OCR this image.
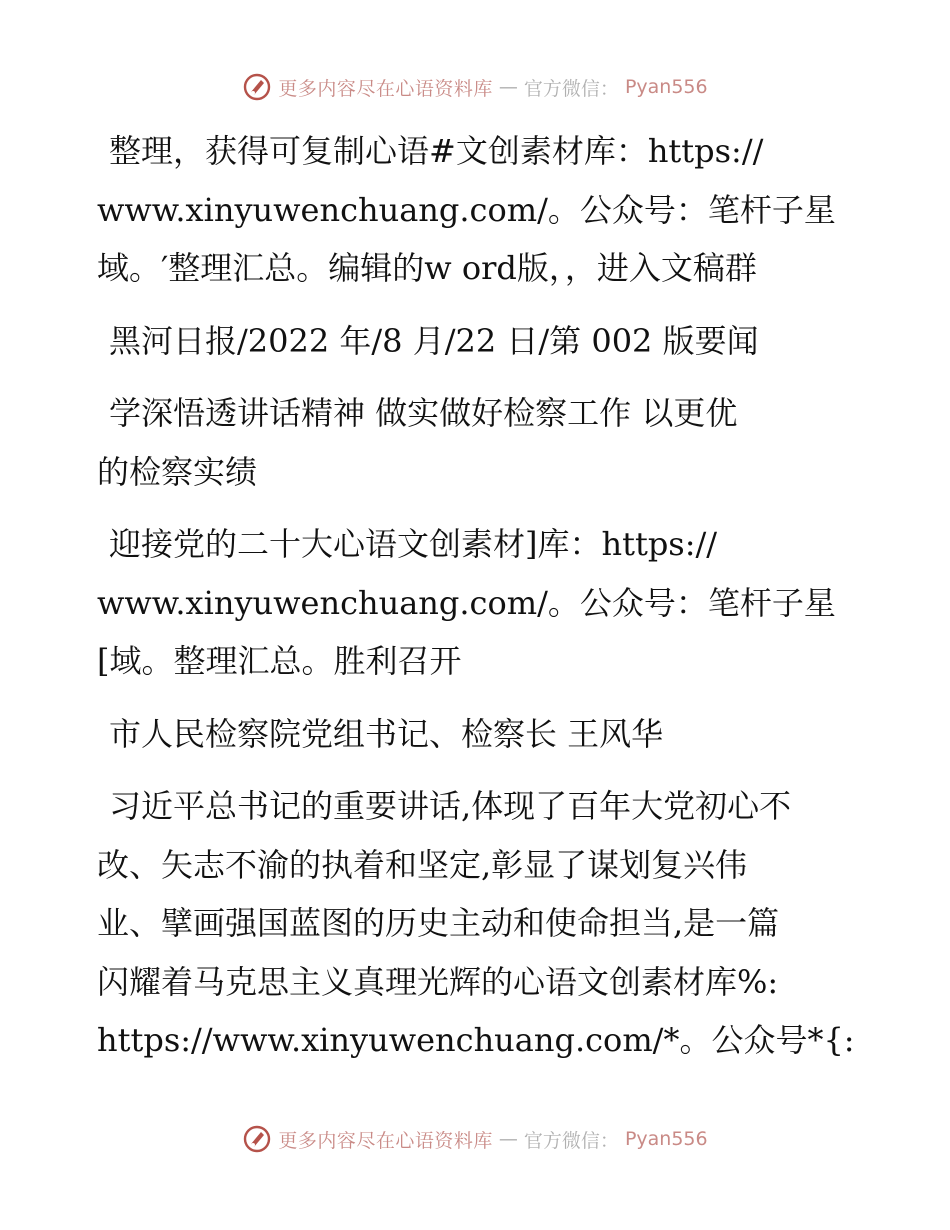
更多内容尽在心语资料库 — 官方微信： Pyan556

整理，获得可复制心语#文创素材库：https://
www.xinyuwenchuang.com/。公众号：笔杆子星
域。′整理汇总。编辑的w ord版，，进入文稿群

黑河日报/2022 年/8 月/22 日/第 002 版要闻

学深悟透讲话精神 做实做好检察工作 以更优
的检察实绩

迎接党的二十大心语文创素材]库：https://
www.xinyuwenchuang.com/。公众号：笔杆子星
[域。整理汇总。胜利召开

市人民检察院党组书记、检察长 王风华

习近平总书记的重要讲话,体现了百年大党初心不
改、矢志不渝的执着和坚定,彰显了谋划复兴伟
业、擘画强国蓝图的历史主动和使命担当,是一篇
闪耀着马克思主义真理光辉的心语文创素材库%:
https://www.xinyuwenchuang.com/*。公众号*{:

更多内容尽在心语资料库 — 官方微信： Pyan556
